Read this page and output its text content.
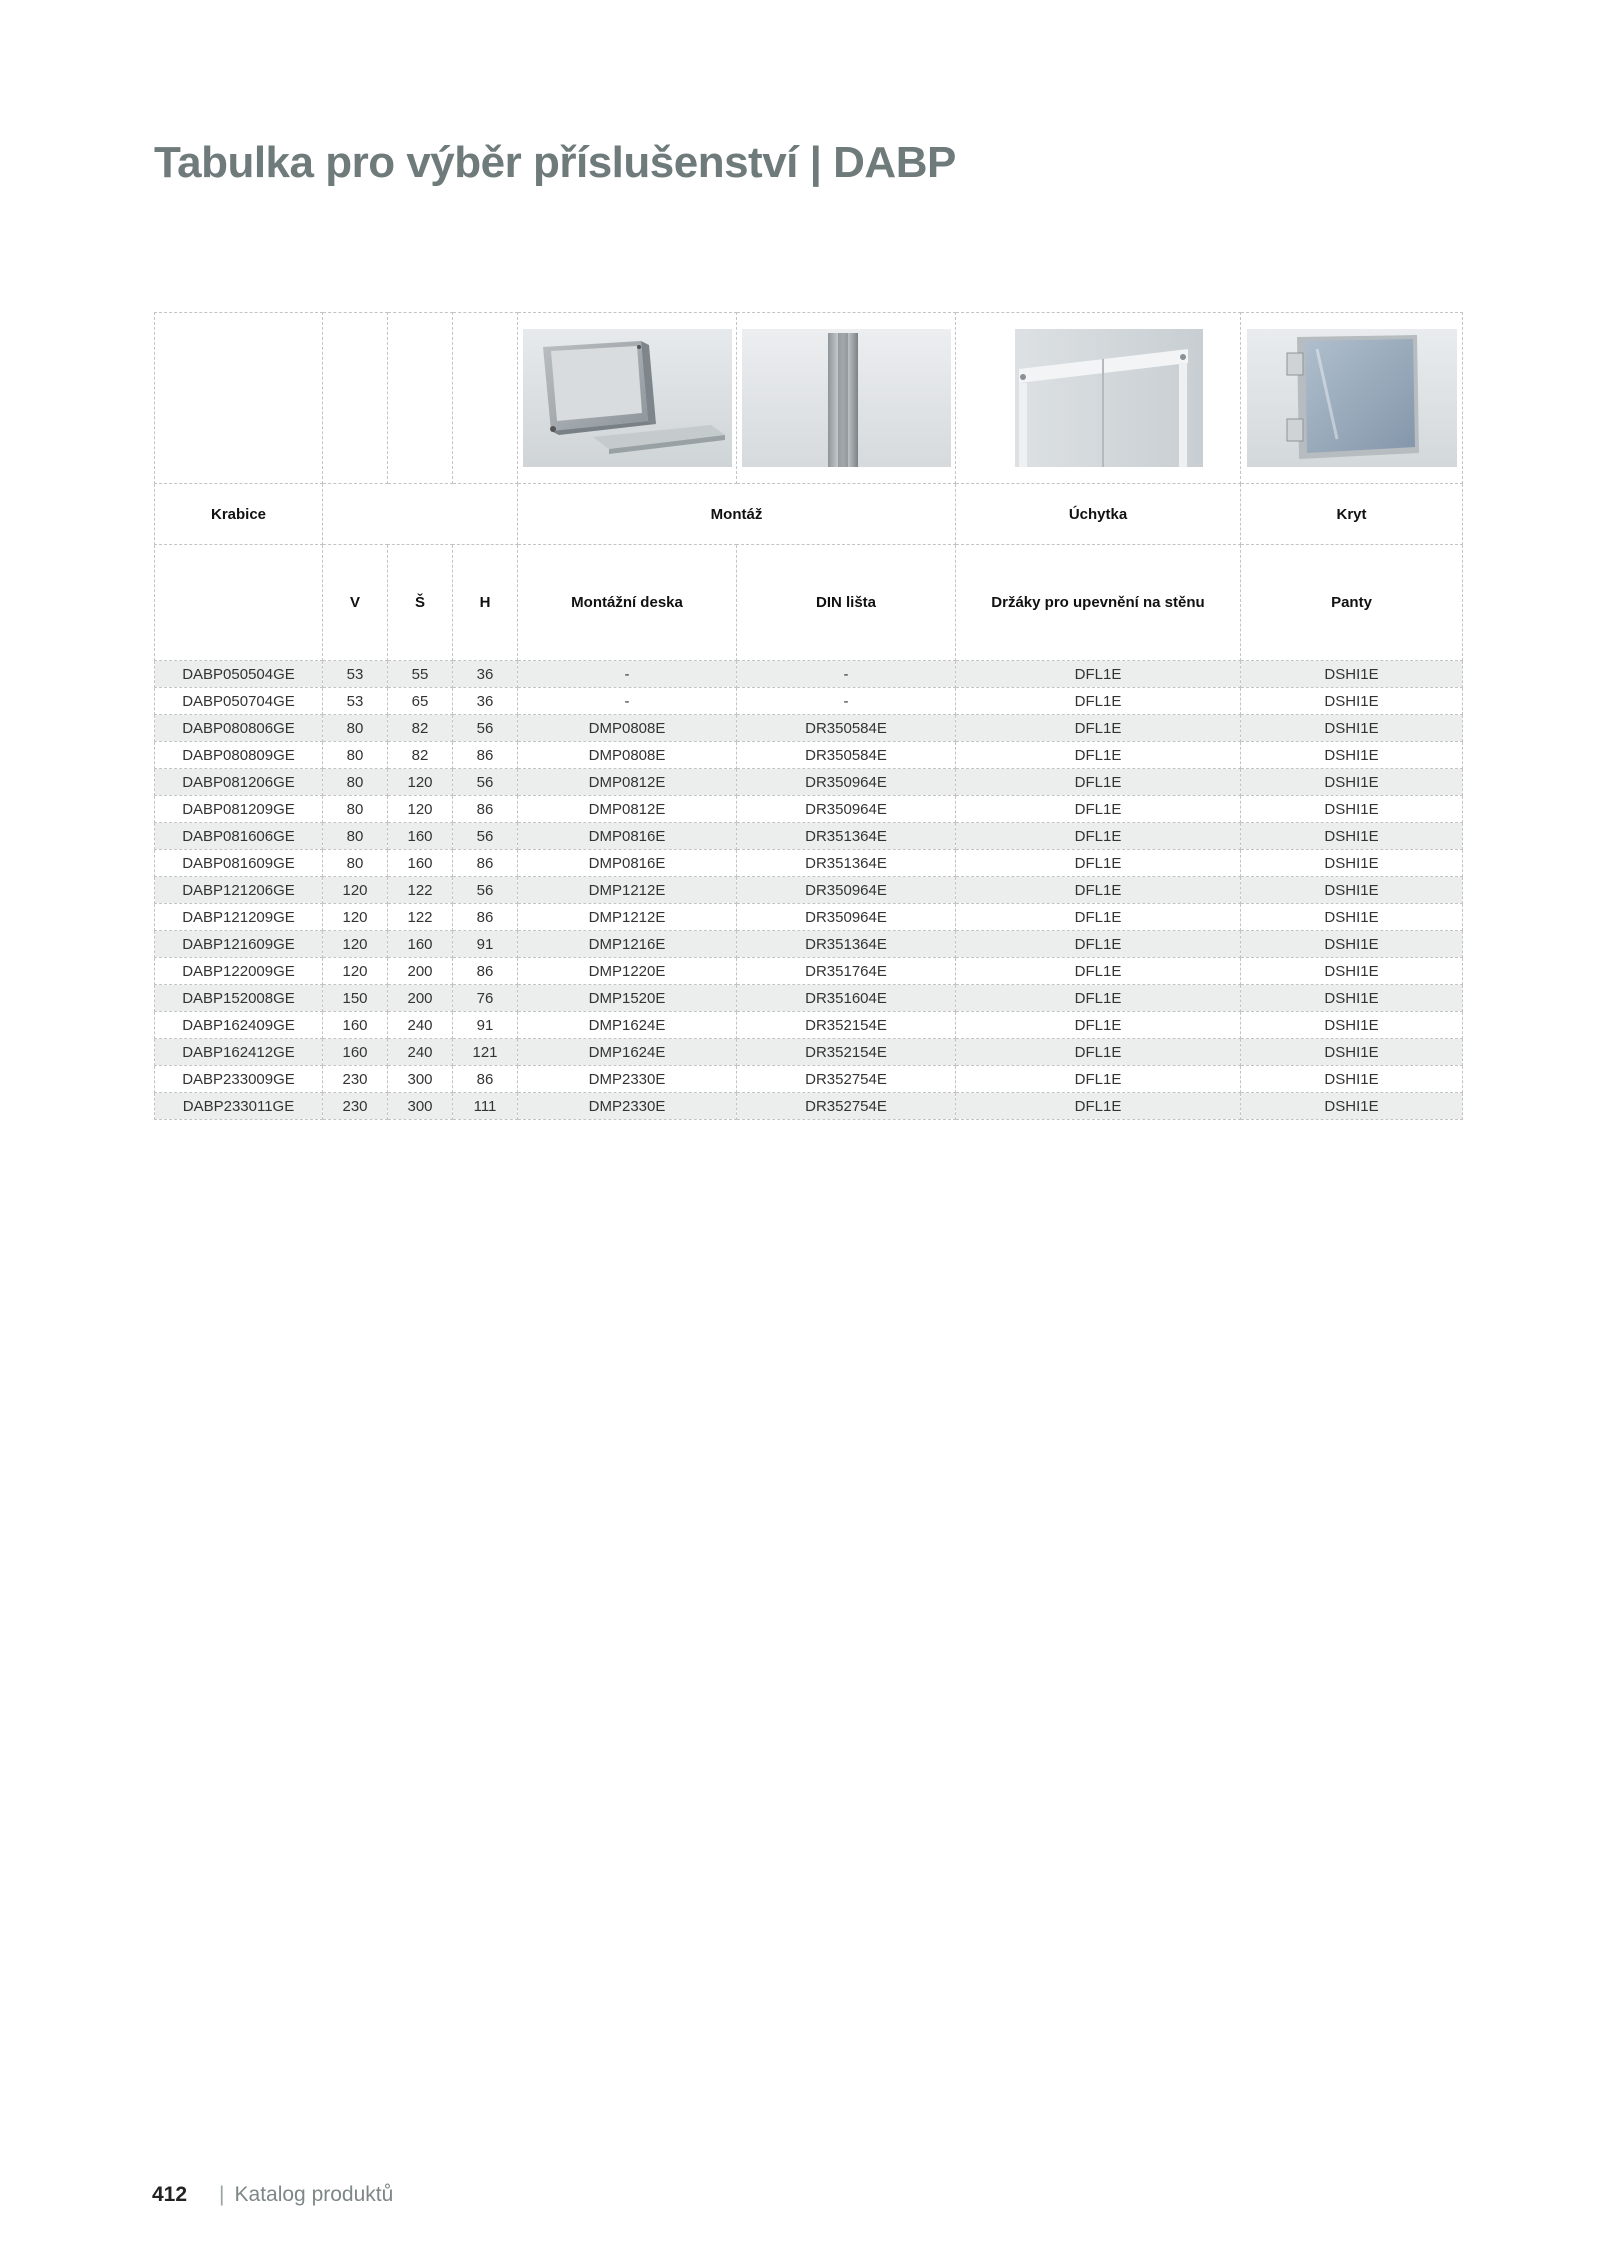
Tabulka pro výběr příslušenství | DABP

Krabice				Montáž		Úchytka	Kryt
	V	Š	H	Montážní deska	DIN lišta	Držáky pro upevnění na stěnu	Panty
DABP050504GE	53	55	36	-	-	DFL1E	DSHI1E
DABP050704GE	53	65	36	-	-	DFL1E	DSHI1E
DABP080806GE	80	82	56	DMP0808E	DR350584E	DFL1E	DSHI1E
DABP080809GE	80	82	86	DMP0808E	DR350584E	DFL1E	DSHI1E
DABP081206GE	80	120	56	DMP0812E	DR350964E	DFL1E	DSHI1E
DABP081209GE	80	120	86	DMP0812E	DR350964E	DFL1E	DSHI1E
DABP081606GE	80	160	56	DMP0816E	DR351364E	DFL1E	DSHI1E
DABP081609GE	80	160	86	DMP0816E	DR351364E	DFL1E	DSHI1E
DABP121206GE	120	122	56	DMP1212E	DR350964E	DFL1E	DSHI1E
DABP121209GE	120	122	86	DMP1212E	DR350964E	DFL1E	DSHI1E
DABP121609GE	120	160	91	DMP1216E	DR351364E	DFL1E	DSHI1E
DABP122009GE	120	200	86	DMP1220E	DR351764E	DFL1E	DSHI1E
DABP152008GE	150	200	76	DMP1520E	DR351604E	DFL1E	DSHI1E
DABP162409GE	160	240	91	DMP1624E	DR352154E	DFL1E	DSHI1E
DABP162412GE	160	240	121	DMP1624E	DR352154E	DFL1E	DSHI1E
DABP233009GE	230	300	86	DMP2330E	DR352754E	DFL1E	DSHI1E
DABP233011GE	230	300	111	DMP2330E	DR352754E	DFL1E	DSHI1E
412 | Katalog produktů
